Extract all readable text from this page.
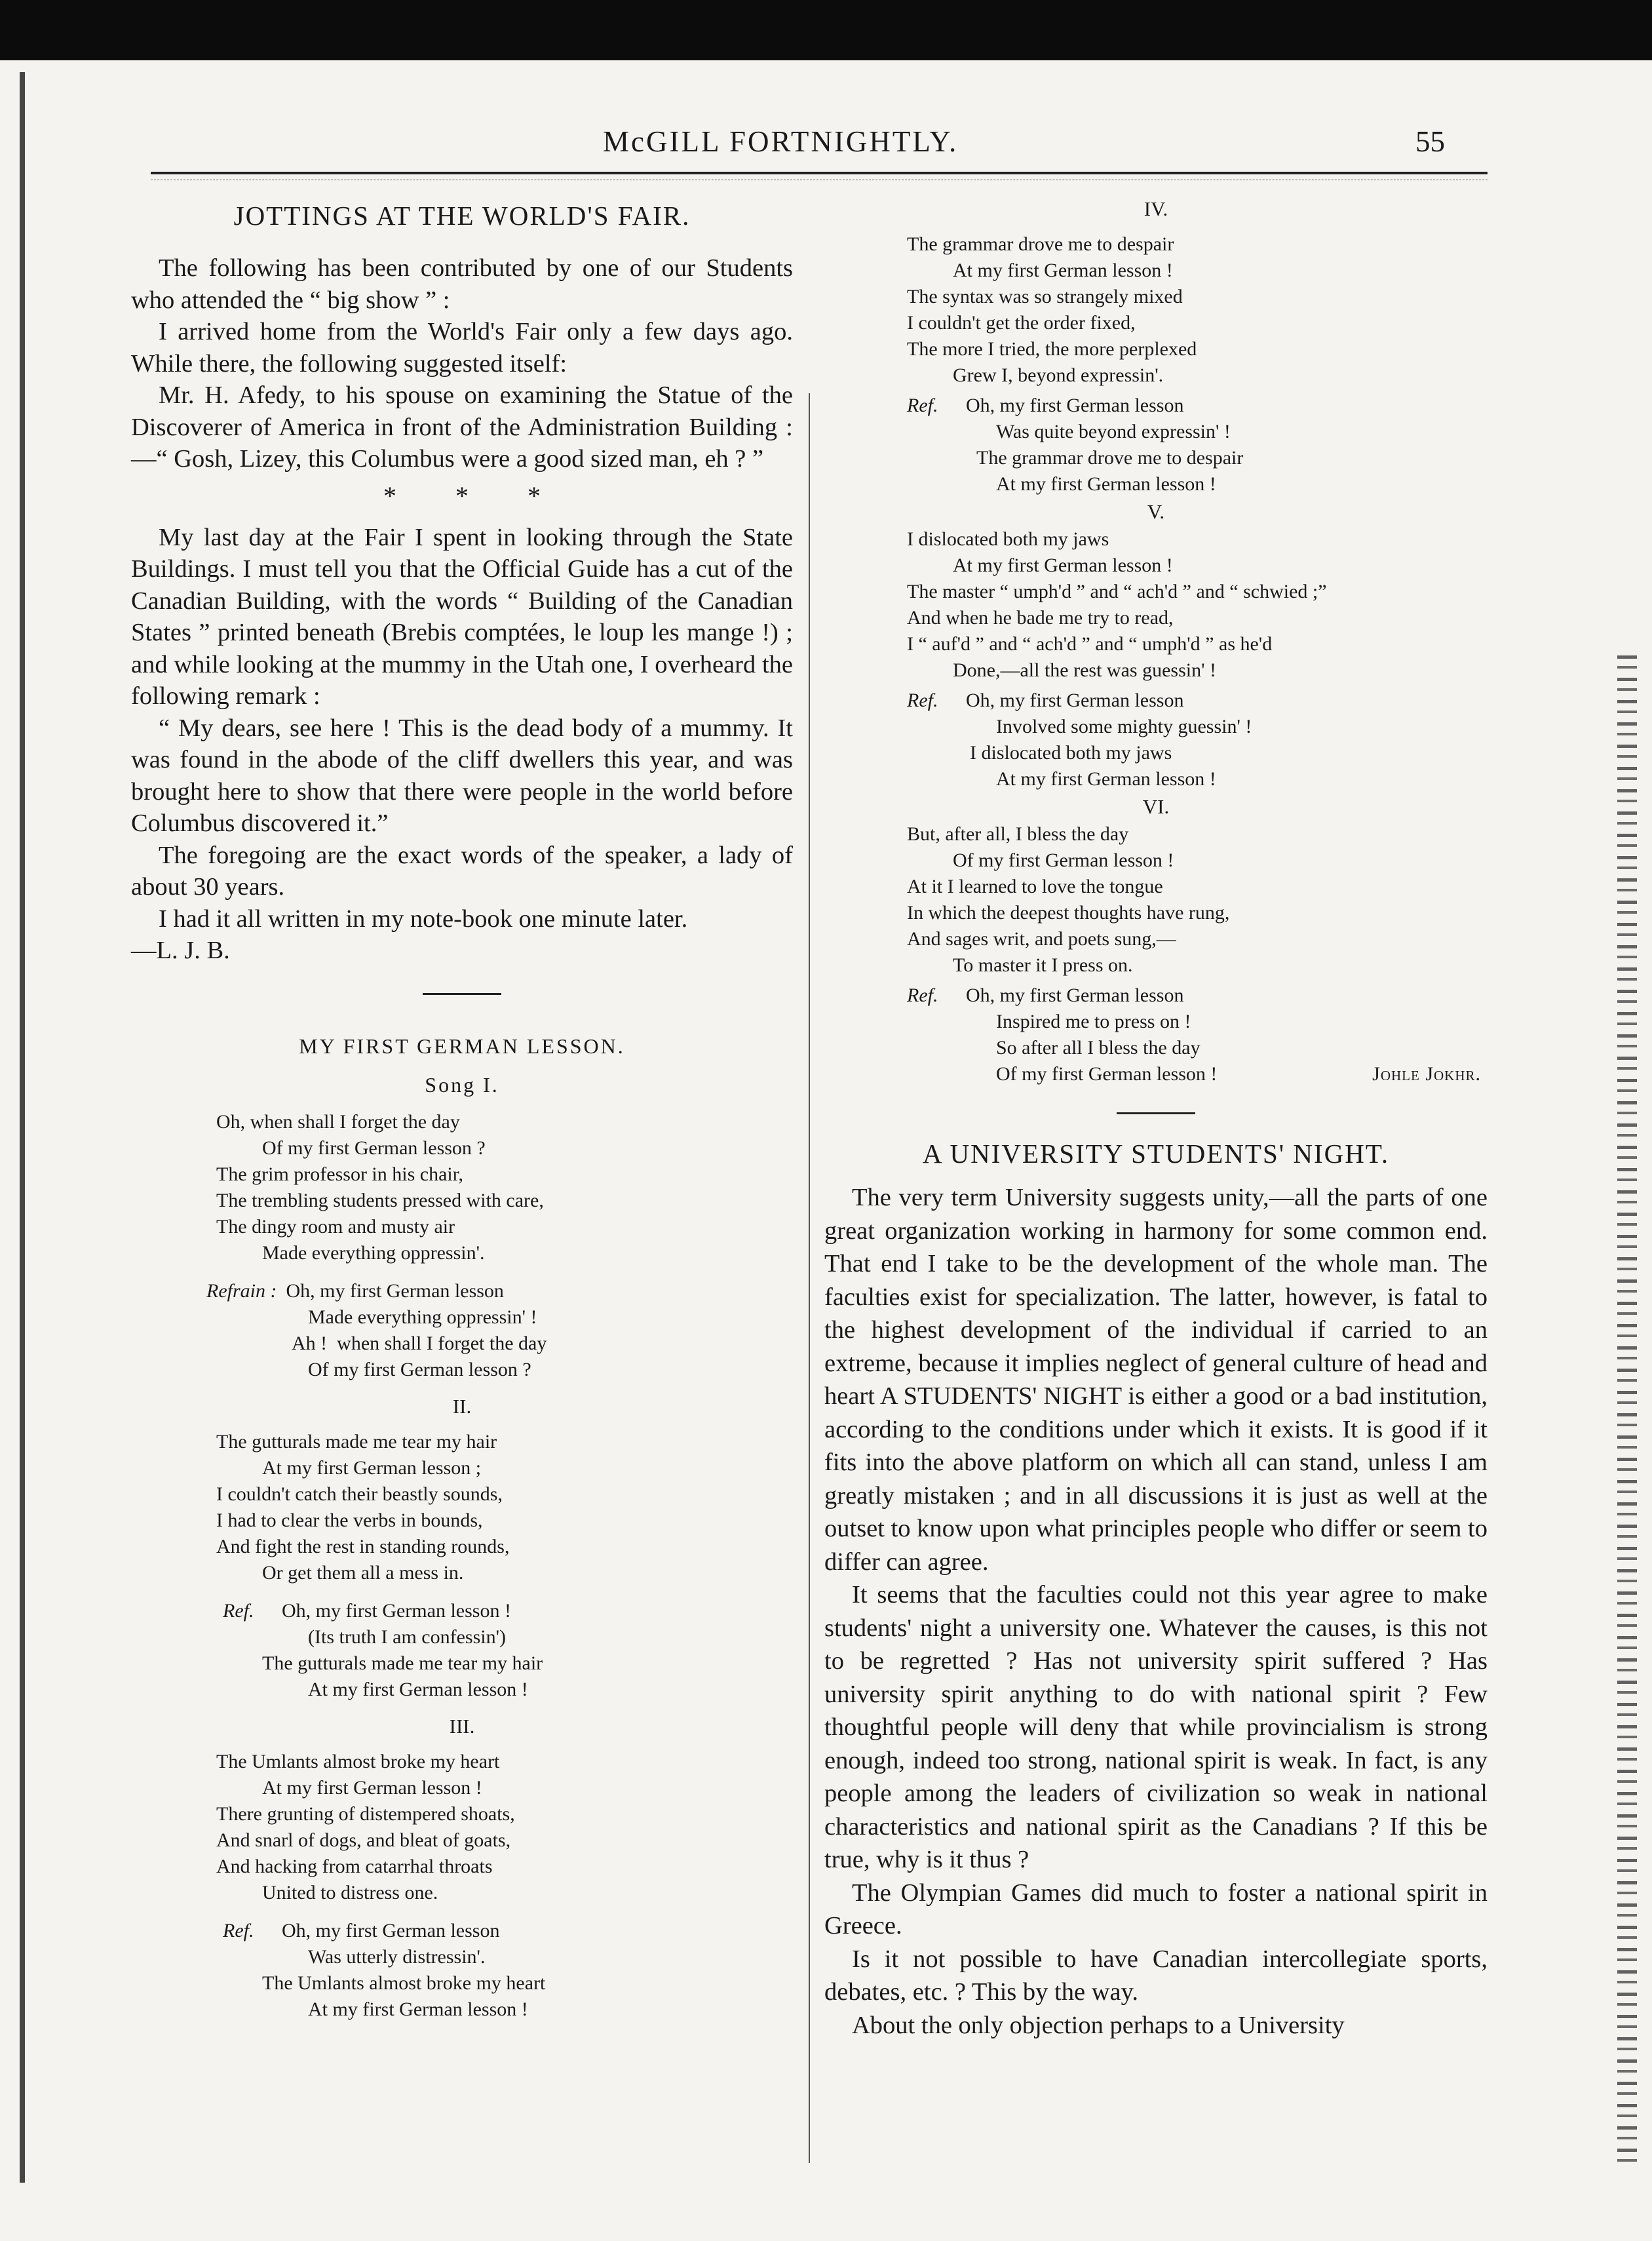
McGILL FORTNIGHTLY.	55
JOTTINGS AT THE WORLD'S FAIR.

The following has been contributed by one of our Students who attended the “ big show ” :

I arrived home from the World's Fair only a few days ago. While there, the following suggested itself:

Mr. H. Afedy, to his spouse on examining the Statue of the Discoverer of America in front of the Administration Building :—“ Gosh, Lizey, this Columbus were a good sized man, eh ? ”

* * *

My last day at the Fair I spent in looking through the State Buildings. I must tell you that the Official Guide has a cut of the Canadian Building, with the words “ Building of the Canadian States ” printed beneath (Brebis comptées, le loup les mange !) ; and while looking at the mummy in the Utah one, I overheard the following remark :

“ My dears, see here ! This is the dead body of a mummy. It was found in the abode of the cliff dwellers this year, and was brought here to show that there were people in the world before Columbus discovered it.”

The foregoing are the exact words of the speaker, a lady of about 30 years.

I had it all written in my note-book one minute later.

—L. J. B.

MY FIRST GERMAN LESSON.
Song I.
Oh, when shall I forget the day
Of my first German lesson ?
The grim professor in his chair,
The trembling students pressed with care,
The dingy room and musty air
Made everything oppressin'.
Refrain : Oh, my first German lesson
Made everything oppressin' !
Ah !  when shall I forget the day
Of my first German lesson ?
II.
The gutturals made me tear my hair
At my first German lesson ;
I couldn't catch their beastly sounds,
I had to clear the verbs in bounds,
And fight the rest in standing rounds,
Or get them all a mess in.
Ref. Oh, my first German lesson !
(Its truth I am confessin')
The gutturals made me tear my hair
At my first German lesson !
III.
The Umlants almost broke my heart
At my first German lesson !
There grunting of distempered shoats,
And snarl of dogs, and bleat of goats,
And hacking from catarrhal throats
United to distress one.
Ref. Oh, my first German lesson
Was utterly distressin'.
The Umlants almost broke my heart
At my first German lesson !
IV.
The grammar drove me to despair
At my first German lesson !
The syntax was so strangely mixed
I couldn't get the order fixed,
The more I tried, the more perplexed
Grew I, beyond expressin'.
Ref. Oh, my first German lesson
Was quite beyond expressin' !
The grammar drove me to despair
At my first German lesson !
V.
I dislocated both my jaws
At my first German lesson !
The master “ umph'd ” and “ ach'd ” and “ schwied ;”
And when he bade me try to read,
I “ auf'd ” and “ ach'd ” and “ umph'd ” as he'd
Done,—all the rest was guessin' !
Ref. Oh, my first German lesson
Involved some mighty guessin' !
I dislocated both my jaws
At my first German lesson !
VI.
But, after all, I bless the day
Of my first German lesson !
At it I learned to love the tongue
In which the deepest thoughts have rung,
And sages writ, and poets sung,—
To master it I press on.
Ref. Oh, my first German lesson
Inspired me to press on !
So after all I bless the day
Of my first German lesson !	Johle Jokhr.
A UNIVERSITY STUDENTS' NIGHT.

The very term University suggests unity,—all the parts of one great organization working in harmony for some common end. That end I take to be the development of the whole man. The faculties exist for specialization. The latter, however, is fatal to the highest development of the individual if carried to an extreme, because it implies neglect of general culture of head and heart A STUDENTS' NIGHT is either a good or a bad institution, according to the conditions under which it exists. It is good if it fits into the above platform on which all can stand, unless I am greatly mistaken ; and in all discussions it is just as well at the outset to know upon what principles people who differ or seem to differ can agree.

It seems that the faculties could not this year agree to make students' night a university one. Whatever the causes, is this not to be regretted ? Has not university spirit suffered ? Has university spirit anything to do with national spirit ? Few thoughtful people will deny that while provincialism is strong enough, indeed too strong, national spirit is weak. In fact, is any people among the leaders of civilization so weak in national characteristics and national spirit as the Canadians ? If this be true, why is it thus ?

The Olympian Games did much to foster a national spirit in Greece.

Is it not possible to have Canadian intercollegiate sports, debates, etc. ? This by the way.

About the only objection perhaps to a University
